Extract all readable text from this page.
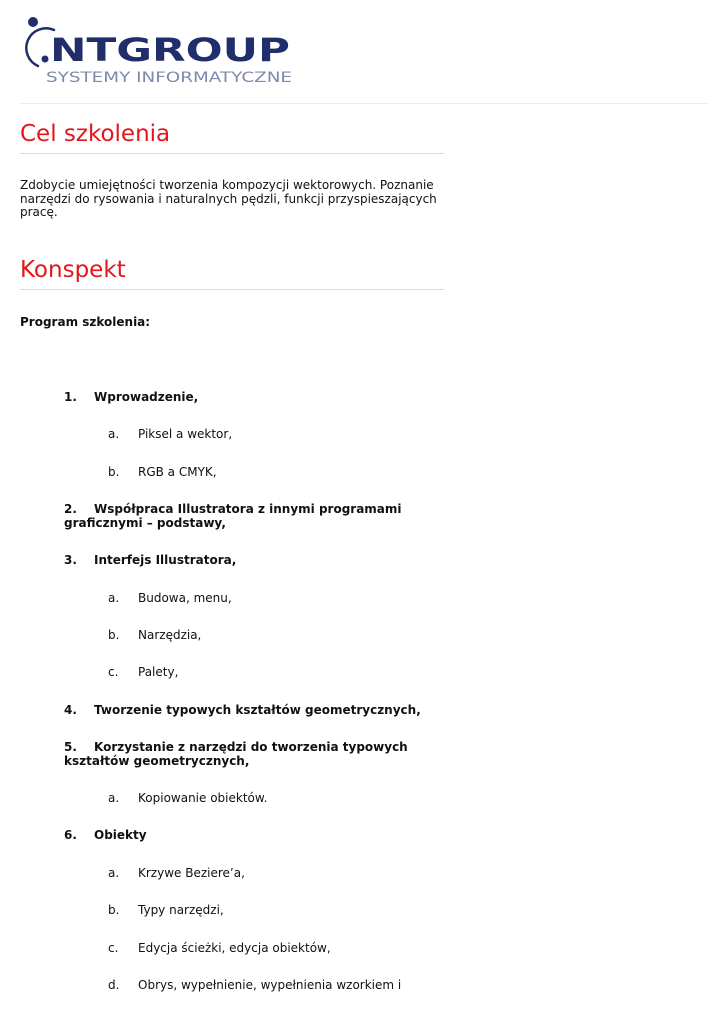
NTGROUP
SYSTEMY INFORMATYCZNE
Cel szkolenia

Zdobycie umiejętności tworzenia kompozycji wektorowych. Poznanie narzędzi do rysowania i naturalnych pędzli, funkcji przyspieszających pracę.

Konspekt

Program szkolenia:

1. Wprowadzenie,

a. Piksel a wektor,

b. RGB a CMYK,

2. Współpraca Illustratora z innymi programami graficznymi – podstawy,

3. Interfejs Illustratora,

a. Budowa, menu,

b. Narzędzia,

c. Palety,

4. Tworzenie typowych kształtów geometrycznych,

5. Korzystanie z narzędzi do tworzenia typowych kształtów geometrycznych,

a. Kopiowanie obiektów.

6. Obiekty

a. Krzywe Beziere’a,

b. Typy narzędzi,

c. Edycja ścieżki, edycja obiektów,

d. Obrys, wypełnienie, wypełnienia wzorkiem i
